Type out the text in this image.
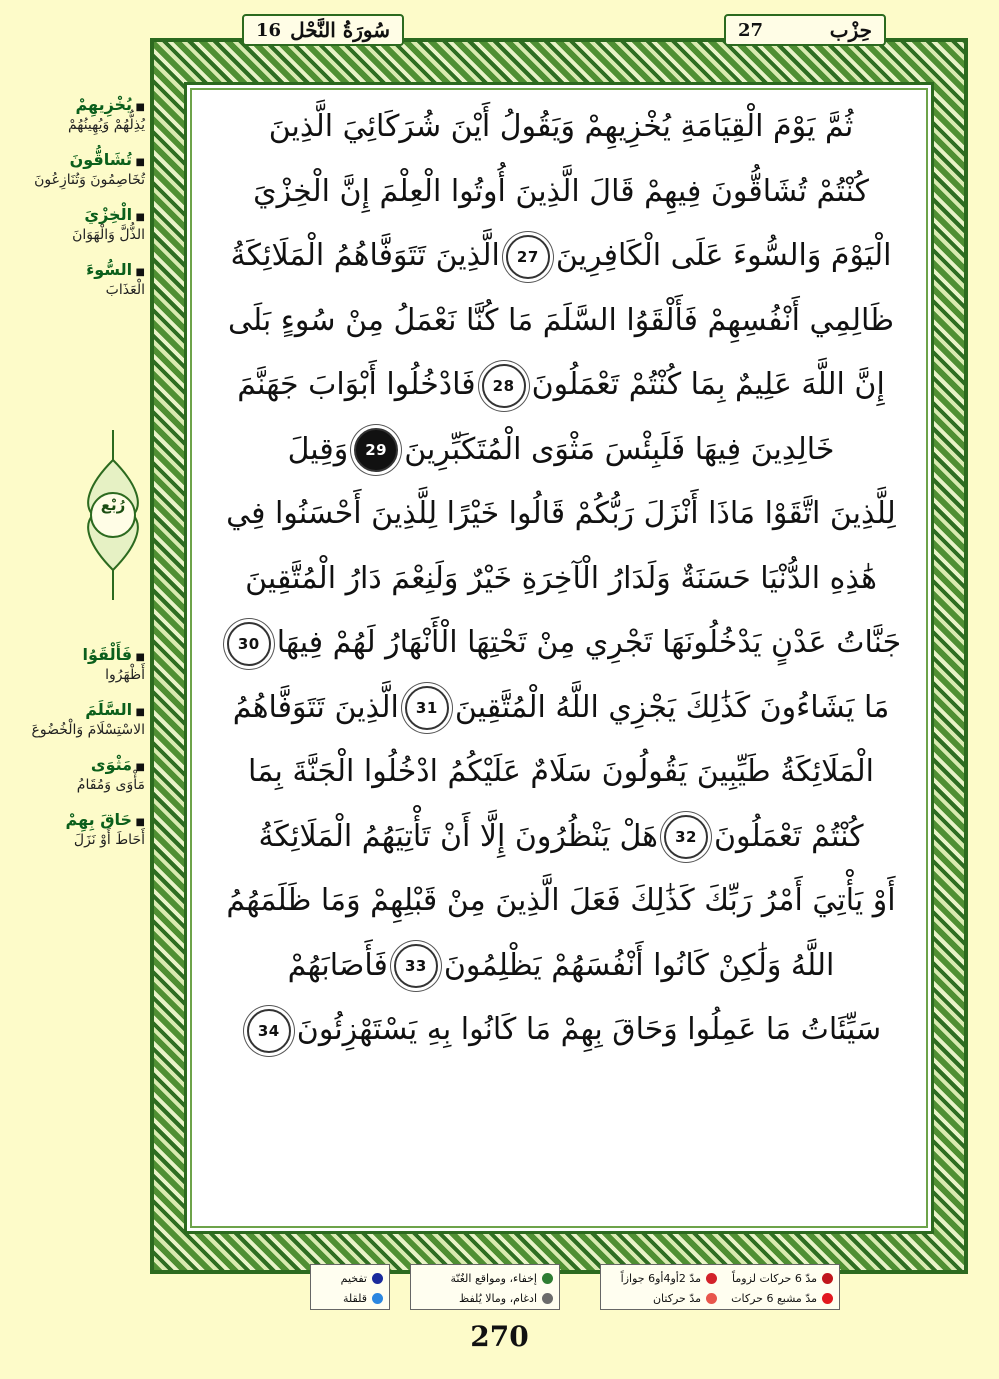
16 سُورَةُ النَّحْل	27	حِزْب
ثُمَّ يَوْمَ الْقِيَامَةِ يُخْزِيهِمْ وَيَقُولُ أَيْنَ شُرَكَائِيَ الَّذِينَ
كُنْتُمْ تُشَاقُّونَ فِيهِمْ قَالَ الَّذِينَ أُوتُوا الْعِلْمَ إِنَّ الْخِزْيَ
الْيَوْمَ وَالسُّوءَ عَلَى الْكَافِرِينَ27الَّذِينَ تَتَوَفَّاهُمُ الْمَلَائِكَةُ
ظَالِمِي أَنْفُسِهِمْ فَأَلْقَوُا السَّلَمَ مَا كُنَّا نَعْمَلُ مِنْ سُوءٍ بَلَى
إِنَّ اللَّهَ عَلِيمٌ بِمَا كُنْتُمْ تَعْمَلُونَ28فَادْخُلُوا أَبْوَابَ جَهَنَّمَ
خَالِدِينَ فِيهَا فَلَبِئْسَ مَثْوَى الْمُتَكَبِّرِينَ29وَقِيلَ
لِلَّذِينَ اتَّقَوْا مَاذَا أَنْزَلَ رَبُّكُمْ قَالُوا خَيْرًا لِلَّذِينَ أَحْسَنُوا فِي
هَٰذِهِ الدُّنْيَا حَسَنَةٌ وَلَدَارُ الْآخِرَةِ خَيْرٌ وَلَنِعْمَ دَارُ الْمُتَّقِينَ
جَنَّاتُ عَدْنٍ يَدْخُلُونَهَا تَجْرِي مِنْ تَحْتِهَا الْأَنْهَارُ لَهُمْ فِيهَا30
مَا يَشَاءُونَ كَذَٰلِكَ يَجْزِي اللَّهُ الْمُتَّقِينَ31الَّذِينَ تَتَوَفَّاهُمُ
الْمَلَائِكَةُ طَيِّبِينَ يَقُولُونَ سَلَامٌ عَلَيْكُمُ ادْخُلُوا الْجَنَّةَ بِمَا
كُنْتُمْ تَعْمَلُونَ32هَلْ يَنْظُرُونَ إِلَّا أَنْ تَأْتِيَهُمُ الْمَلَائِكَةُ
أَوْ يَأْتِيَ أَمْرُ رَبِّكَ كَذَٰلِكَ فَعَلَ الَّذِينَ مِنْ قَبْلِهِمْ وَمَا ظَلَمَهُمُ
اللَّهُ وَلَٰكِنْ كَانُوا أَنْفُسَهُمْ يَظْلِمُونَ33فَأَصَابَهُمْ
سَيِّئَاتُ مَا عَمِلُوا وَحَاقَ بِهِمْ مَا كَانُوا بِهِ يَسْتَهْزِئُونَ34
■ يُخْزِيهِمْ
يُذِلُّهُمْ وَيُهِينُهُمْ
■ تُشَاقُّونَ
تُخَاصِمُونَ وَتُنَازِعُونَ
■ الْخِزْيَ
الذُّلَّ وَالْهَوَانَ
■ السُّوءَ
الْعَذَابَ
رُبْع
■ فَأَلْقَوُا
أَظْهَرُوا
■ السَّلَمَ
الاسْتِسْلَامَ وَالْخُضُوعَ
■ مَثْوَى
مَأْوَى وَمُقَامُ
■ حَاقَ بِهِمْ
أَحَاطَ أَوْ نَزَلَ
مدّ 6 حركات لزوماً
مدّ مشبع 6 حركات
مدّ 2أو4أو6 جوازاً
مدّ حركتان
إخفاء، ومواقع الغُنّة
ادغام، ومالا يُلفظ
تفخيم
قلقلة
270
